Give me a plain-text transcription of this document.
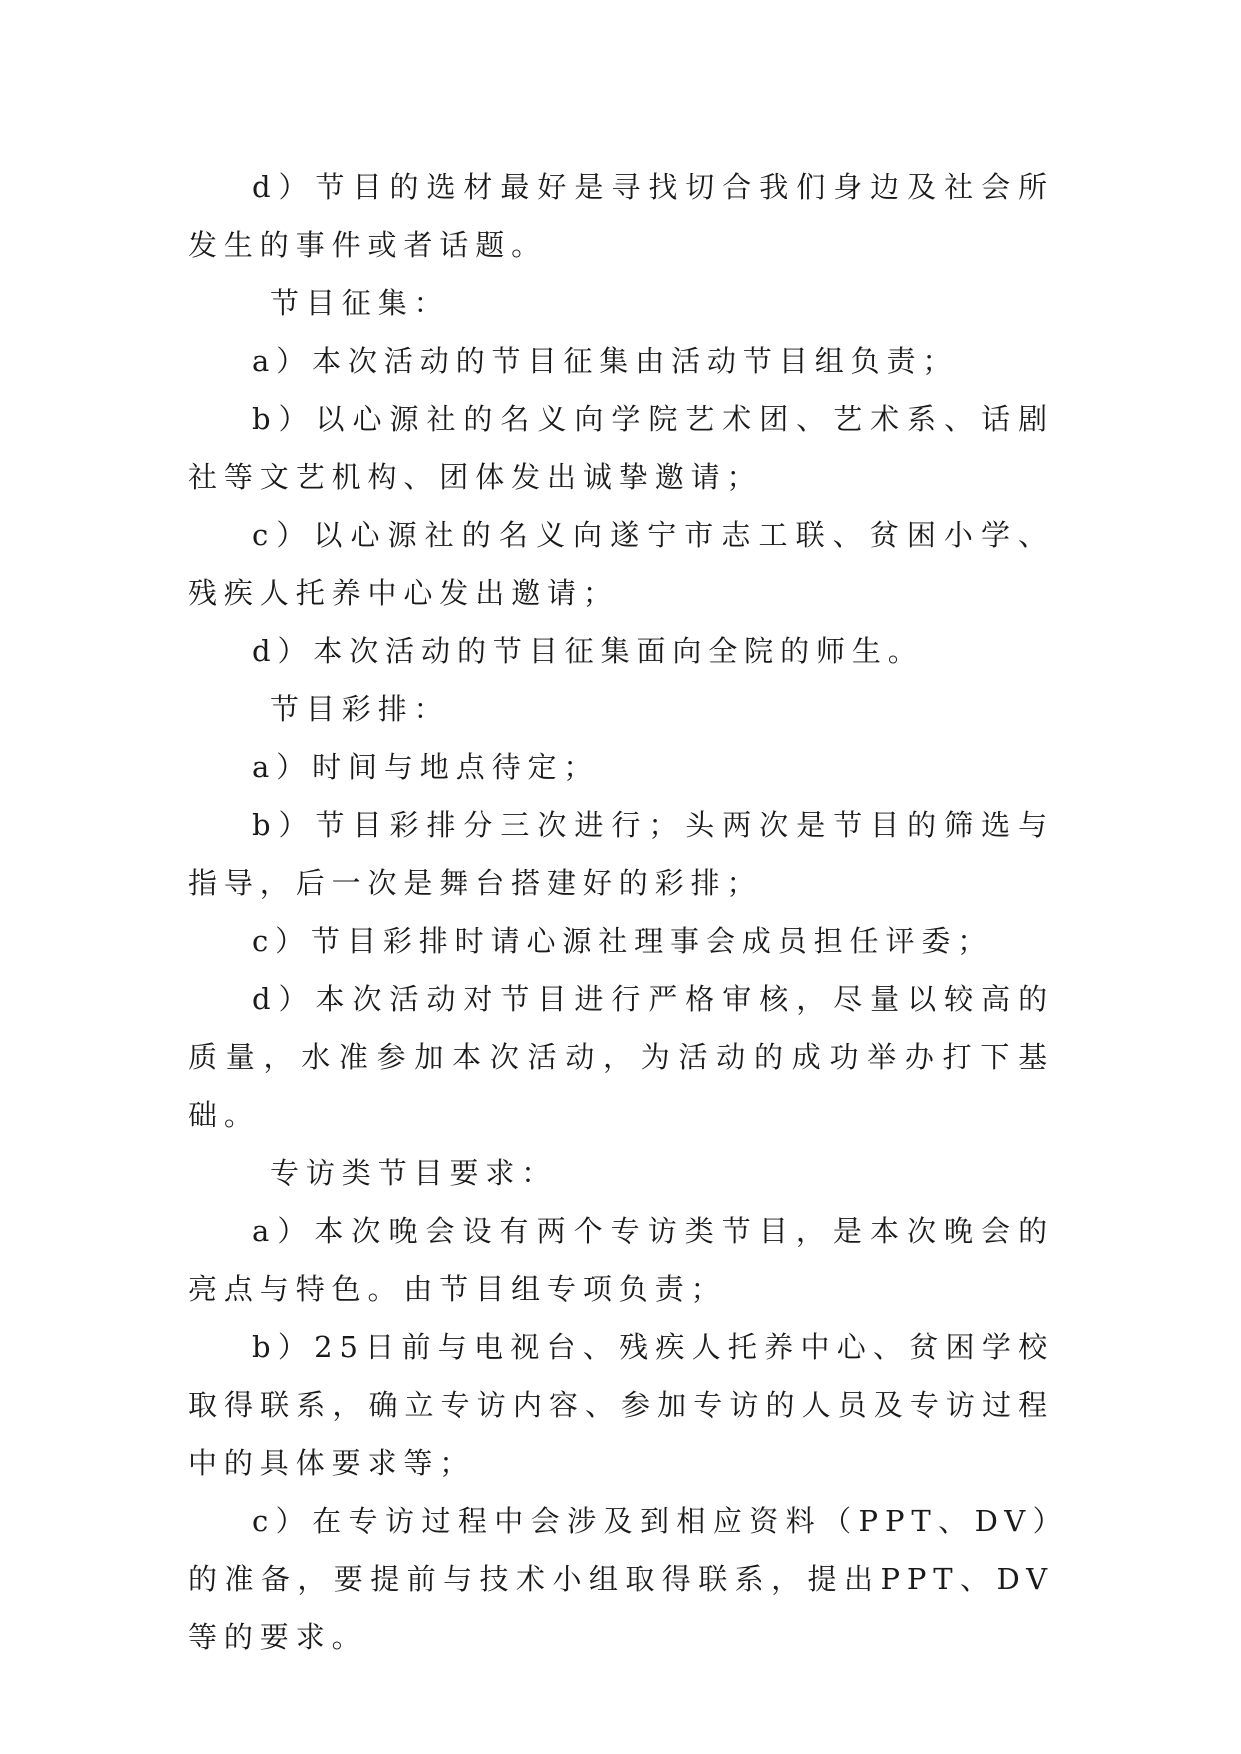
d）节目的选材最好是寻找切合我们身边及社会所发生的事件或者话题。

节目征集：

a）本次活动的节目征集由活动节目组负责；

b）以心源社的名义向学院艺术团、艺术系、话剧社等文艺机构、团体发出诚挚邀请；

c）以心源社的名义向遂宁市志工联、贫困小学、残疾人托养中心发出邀请；

d）本次活动的节目征集面向全院的师生。

节目彩排：

a）时间与地点待定；

b）节目彩排分三次进行；头两次是节目的筛选与指导，后一次是舞台搭建好的彩排；

c）节目彩排时请心源社理事会成员担任评委；

d）本次活动对节目进行严格审核，尽量以较高的质量，水准参加本次活动，为活动的成功举办打下基础。

专访类节目要求：

a）本次晚会设有两个专访类节目，是本次晚会的亮点与特色。由节目组专项负责；

b）25日前与电视台、残疾人托养中心、贫困学校取得联系，确立专访内容、参加专访的人员及专访过程中的具体要求等；

c）在专访过程中会涉及到相应资料（PPT、DV）的准备，要提前与技术小组取得联系，提出PPT、DV等的要求。
